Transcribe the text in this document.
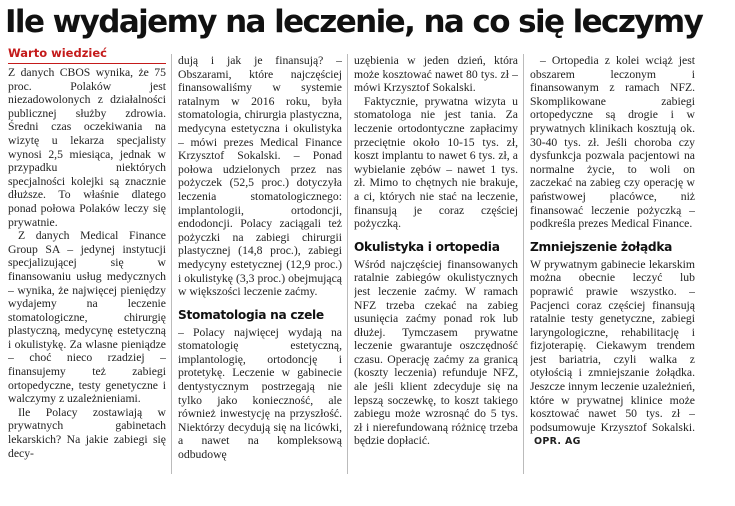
Ile wydajemy na leczenie, na co się leczymy
Warto wiedzieć

Z danych CBOS wynika, że 75 proc. Polaków jest niezadowolonych z działalności publicznej służby zdrowia. Średni czas oczekiwania na wizytę u lekarza specjalisty wynosi 2,5 miesiąca, jednak w przypadku niektórych specjalności kolejki są znacznie dłuższe. To właśnie dlatego ponad połowa Polaków leczy się prywatnie.

Z danych Medical Finance Group SA – jedynej instytucji specjalizującej się w finansowaniu usług medycznych – wynika, że najwięcej pieniędzy wydajemy na leczenie stomatologiczne, chirurgię plastyczną, medycynę estetyczną i okulistykę. Za wlasne pieniądze – choć nieco rzadziej – finansujemy też zabiegi ortopedyczne, testy genetyczne i walczymy z uzależnieniami.

Ile Polacy zostawiają w prywatnych gabinetach lekarskich? Na jakie zabiegi się decy-

dują i jak je finansują? – Obszarami, które najczęściej finansowaliśmy w systemie ratalnym w 2016 roku, była stomatologia, chirurgia plastyczna, medycyna estetyczna i okulistyka – mówi prezes Medical Finance Krzysztof Sokalski. – Ponad połowa udzielonych przez nas pożyczek (52,5 proc.) dotyczyła leczenia stomatologicznego: implantologii, ortodoncji, endodoncji. Polacy zaciągali też pożyczki na zabiegi chirurgii plastycznej (14,8 proc.), zabiegi medycyny estetycznej (12,9 proc.) i okulistykę (3,3 proc.) obejmującą w większości leczenie zaćmy.

Stomatologia na czele

– Polacy najwięcej wydają na stomatologię estetyczną, implantologię, ortodoncję i protetykę. Leczenie w gabinecie dentystycznym postrzegają nie tylko jako konieczność, ale również inwestycję na przyszłość. Niektórzy decydują się na licówki, a nawet na kompleksową odbudowę

uzębienia w jeden dzień, która może kosztować nawet 80 tys. zł – mówi Krzysztof Sokalski.

Faktycznie, prywatna wizyta u stomatologa nie jest tania. Za leczenie ortodontyczne zapłacimy przeciętnie około 10-15 tys. zł, koszt implantu to nawet 6 tys. zł, a wybielanie zębów – nawet 1 tys. zł. Mimo to chętnych nie brakuje, a ci, których nie stać na leczenie, finansują je coraz częściej pożyczką.

Okulistyka i ortopedia

Wśród najczęściej finansowanych ratalnie zabiegów okulistycznych jest leczenie zaćmy. W ramach NFZ trzeba czekać na zabieg usunięcia zaćmy ponad rok lub dłużej. Tymczasem prywatne leczenie gwarantuje oszczędność czasu. Operację zaćmy za granicą (koszty leczenia) refunduje NFZ, ale jeśli klient zdecyduje się na lepszą soczewkę, to koszt takiego zabiegu może wzrosnąć do 5 tys. zł i nierefundowaną różnicę trzeba będzie dopłacić.

– Ortopedia z kolei wciąż jest obszarem leczonym i finansowanym z ramach NFZ. Skomplikowane zabiegi ortopedyczne są drogie i w prywatnych klinikach kosztują ok. 30-40 tys. zł. Jeśli choroba czy dysfunkcja pozwala pacjentowi na normalne życie, to woli on zaczekać na zabieg czy operację w państwowej placówce, niż finansować leczenie pożyczką – podkreśla prezes Medical Finance.

Zmniejszenie żołądka

W prywatnym gabinecie lekarskim można obecnie leczyć lub poprawić prawie wszystko. – Pacjenci coraz częściej finansują ratalnie testy genetyczne, zabiegi laryngologiczne, rehabilitację i fizjoterapię. Ciekawym trendem jest bariatria, czyli walka z otyłością i zmniejszanie żołądka. Jeszcze innym leczenie uzależnień, które w prywatnej klinice może kosztować nawet 50 tys. zł – podsumowuje Krzysztof Sokalski. OPR. AG
